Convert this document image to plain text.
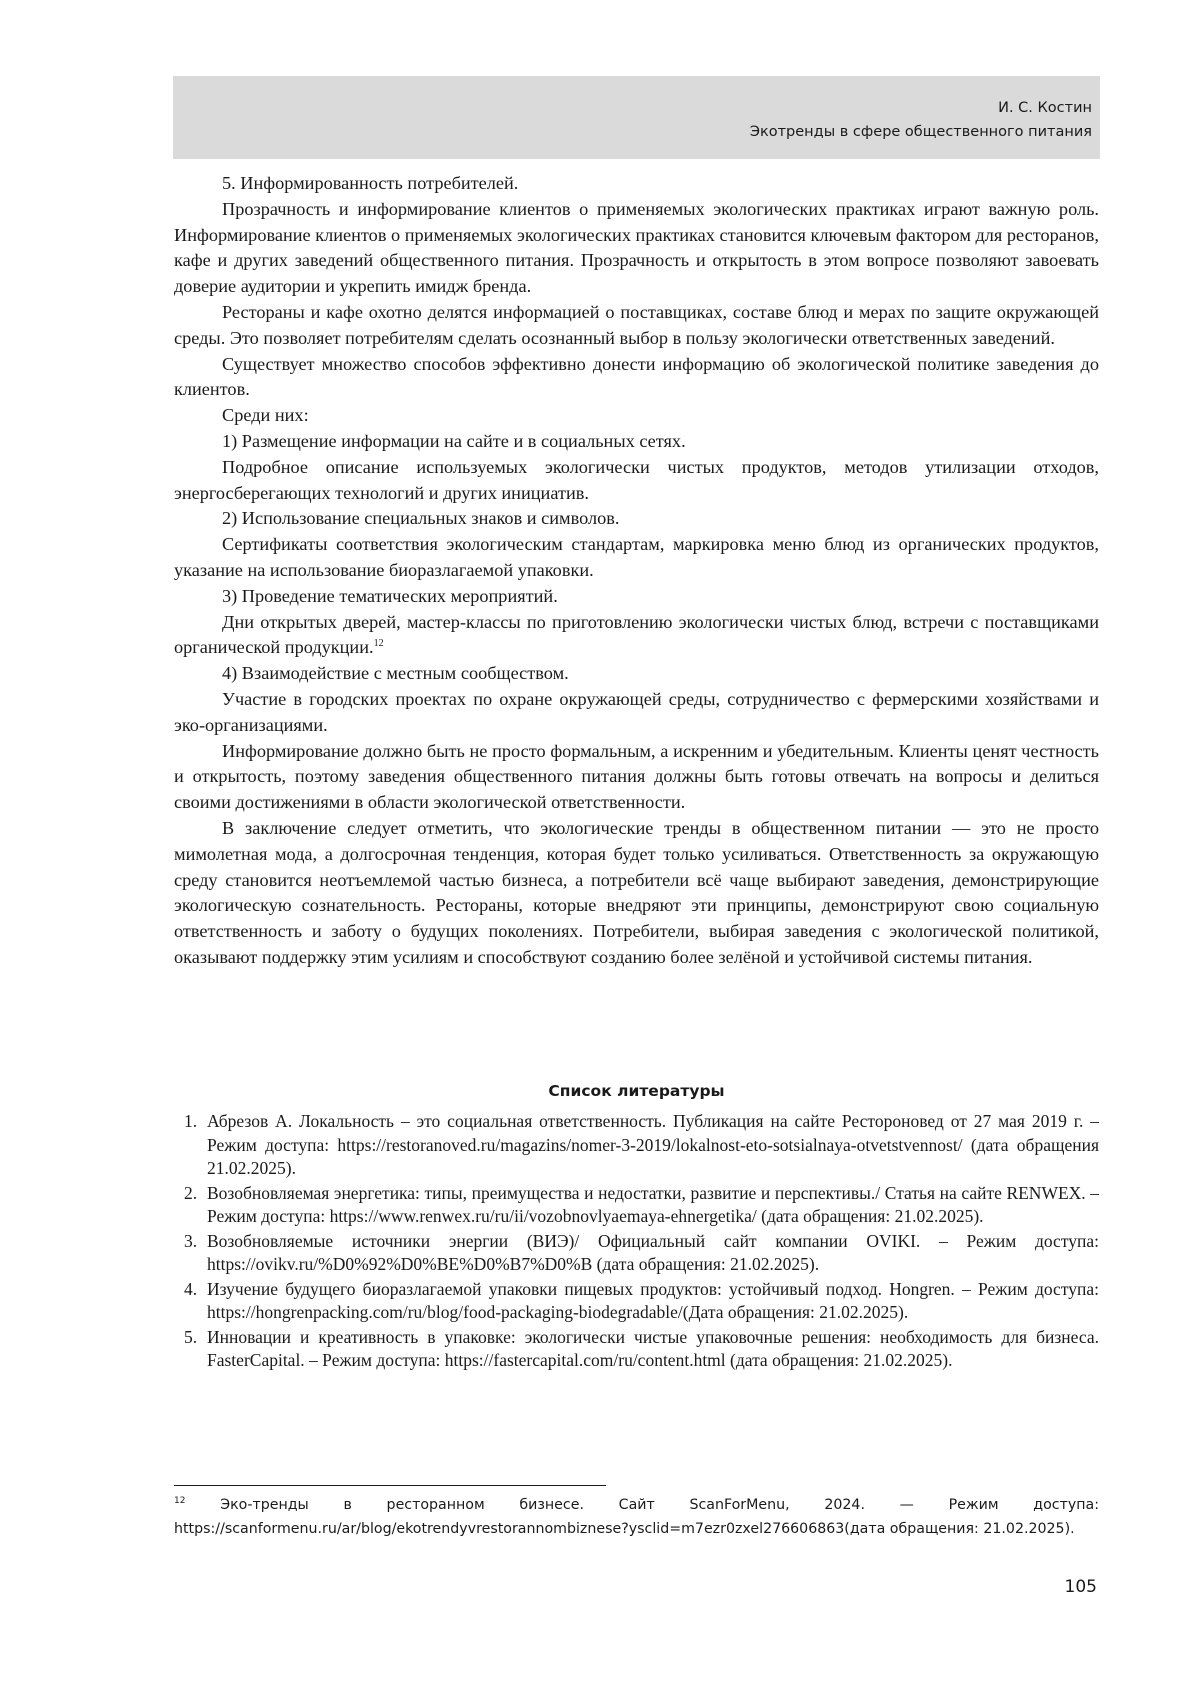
И. С. Костин
Экотренды в сфере общественного питания

5. Информированность потребителей.

Прозрачность и информирование клиентов о применяемых экологических практиках играют важную роль. Информирование клиентов о применяемых экологических практиках становится ключевым фактором для ресторанов, кафе и других заведений общественного питания. Прозрачность и открытость в этом вопросе позволяют завоевать доверие аудитории и укрепить имидж бренда.

Рестораны и кафе охотно делятся информацией о поставщиках, составе блюд и мерах по защите окружающей среды. Это позволяет потребителям сделать осознанный выбор в пользу экологически ответственных заведений.

Существует множество способов эффективно донести информацию об экологической политике заведения до клиентов.

Среди них:

1) Размещение информации на сайте и в социальных сетях.

Подробное описание используемых экологически чистых продуктов, методов утилизации отходов, энергосберегающих технологий и других инициатив.

2) Использование специальных знаков и символов.

Сертификаты соответствия экологическим стандартам, маркировка меню блюд из органических продуктов, указание на использование биоразлагаемой упаковки.

3) Проведение тематических мероприятий.

Дни открытых дверей, мастер-классы по приготовлению экологически чистых блюд, встречи с поставщиками органической продукции.$^{12}$

4) Взаимодействие с местным сообществом.

Участие в городских проектах по охране окружающей среды, сотрудничество с фермерскими хозяйствами и эко-организациями.

Информирование должно быть не просто формальным, а искренним и убедительным. Клиенты ценят честность и открытость, поэтому заведения общественного питания должны быть готовы отвечать на вопросы и делиться своими достижениями в области экологической ответственности.

В заключение следует отметить, что экологические тренды в общественном питании — это не просто мимолетная мода, а долгосрочная тенденция, которая будет только усиливаться. Ответственность за окружающую среду становится неотъемлемой частью бизнеса, а потребители всё чаще выбирают заведения, демонстрирующие экологическую сознательность. Рестораны, которые внедряют эти принципы, демонстрируют свою социальную ответственность и заботу о будущих поколениях. Потребители, выбирая заведения с экологической политикой, оказывают поддержку этим усилиям и способствуют созданию более зелёной и устойчивой системы питания.

Список литературы
1. Абрезов А. Локальность – это социальная ответственность. Публикация на сайте Рестороновед от 27 мая 2019 г. – Режим доступа: https://restoranoved.ru/magazins/nomer-3-2019/lokalnost-eto-sotsialnaya-otvetstvennost/ (дата обращения 21.02.2025).
2. Возобновляемая энергетика: типы, преимущества и недостатки, развитие и перспективы./ Статья на сайте RENWEX. – Режим доступа: https://www.renwex.ru/ru/ii/vozobnovlyaemaya-ehnergetika/ (дата обращения: 21.02.2025).
3. Возобновляемые источники энергии (ВИЭ)/ Официальный сайт компании OVIKI. – Режим доступа: https://ovikv.ru/%D0%92%D0%BE%D0%B7%D0%B (дата обращения: 21.02.2025).
4. Изучение будущего биоразлагаемой упаковки пищевых продуктов: устойчивый подход. Hongren. – Режим доступа: https://hongrenpacking.com/ru/blog/food-packaging-biodegradable/(Дата обращения: 21.02.2025).
5. Инновации и креативность в упаковке: экологически чистые упаковочные решения: необходимость для бизнеса. FasterCapital. – Режим доступа: https://fastercapital.com/ru/content.html (дата обращения: 21.02.2025).
$^{12}$ Эко-тренды в ресторанном бизнесе. Сайт ScanForMenu, 2024. — Режим доступа: https://scanformenu.ru/ar/blog/ekotrendyvrestorannombiznese?ysclid=m7ezr0zxel276606863(дата обращения: 21.02.2025).
105
